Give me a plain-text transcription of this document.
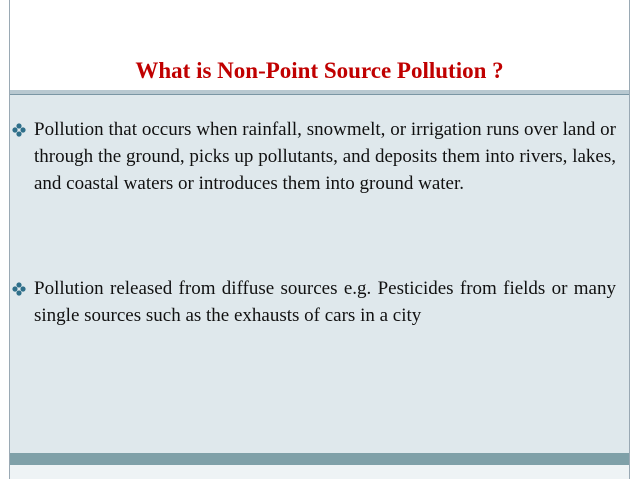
What is Non-Point Source Pollution ?

Pollution that occurs when rainfall, snowmelt, or irrigation runs over land or through the ground, picks up pollutants, and deposits them into rivers, lakes, and coastal waters or introduces them into ground water.

Pollution released from diffuse sources e.g. Pesticides from fields or many single sources such as the exhausts of cars in a city
